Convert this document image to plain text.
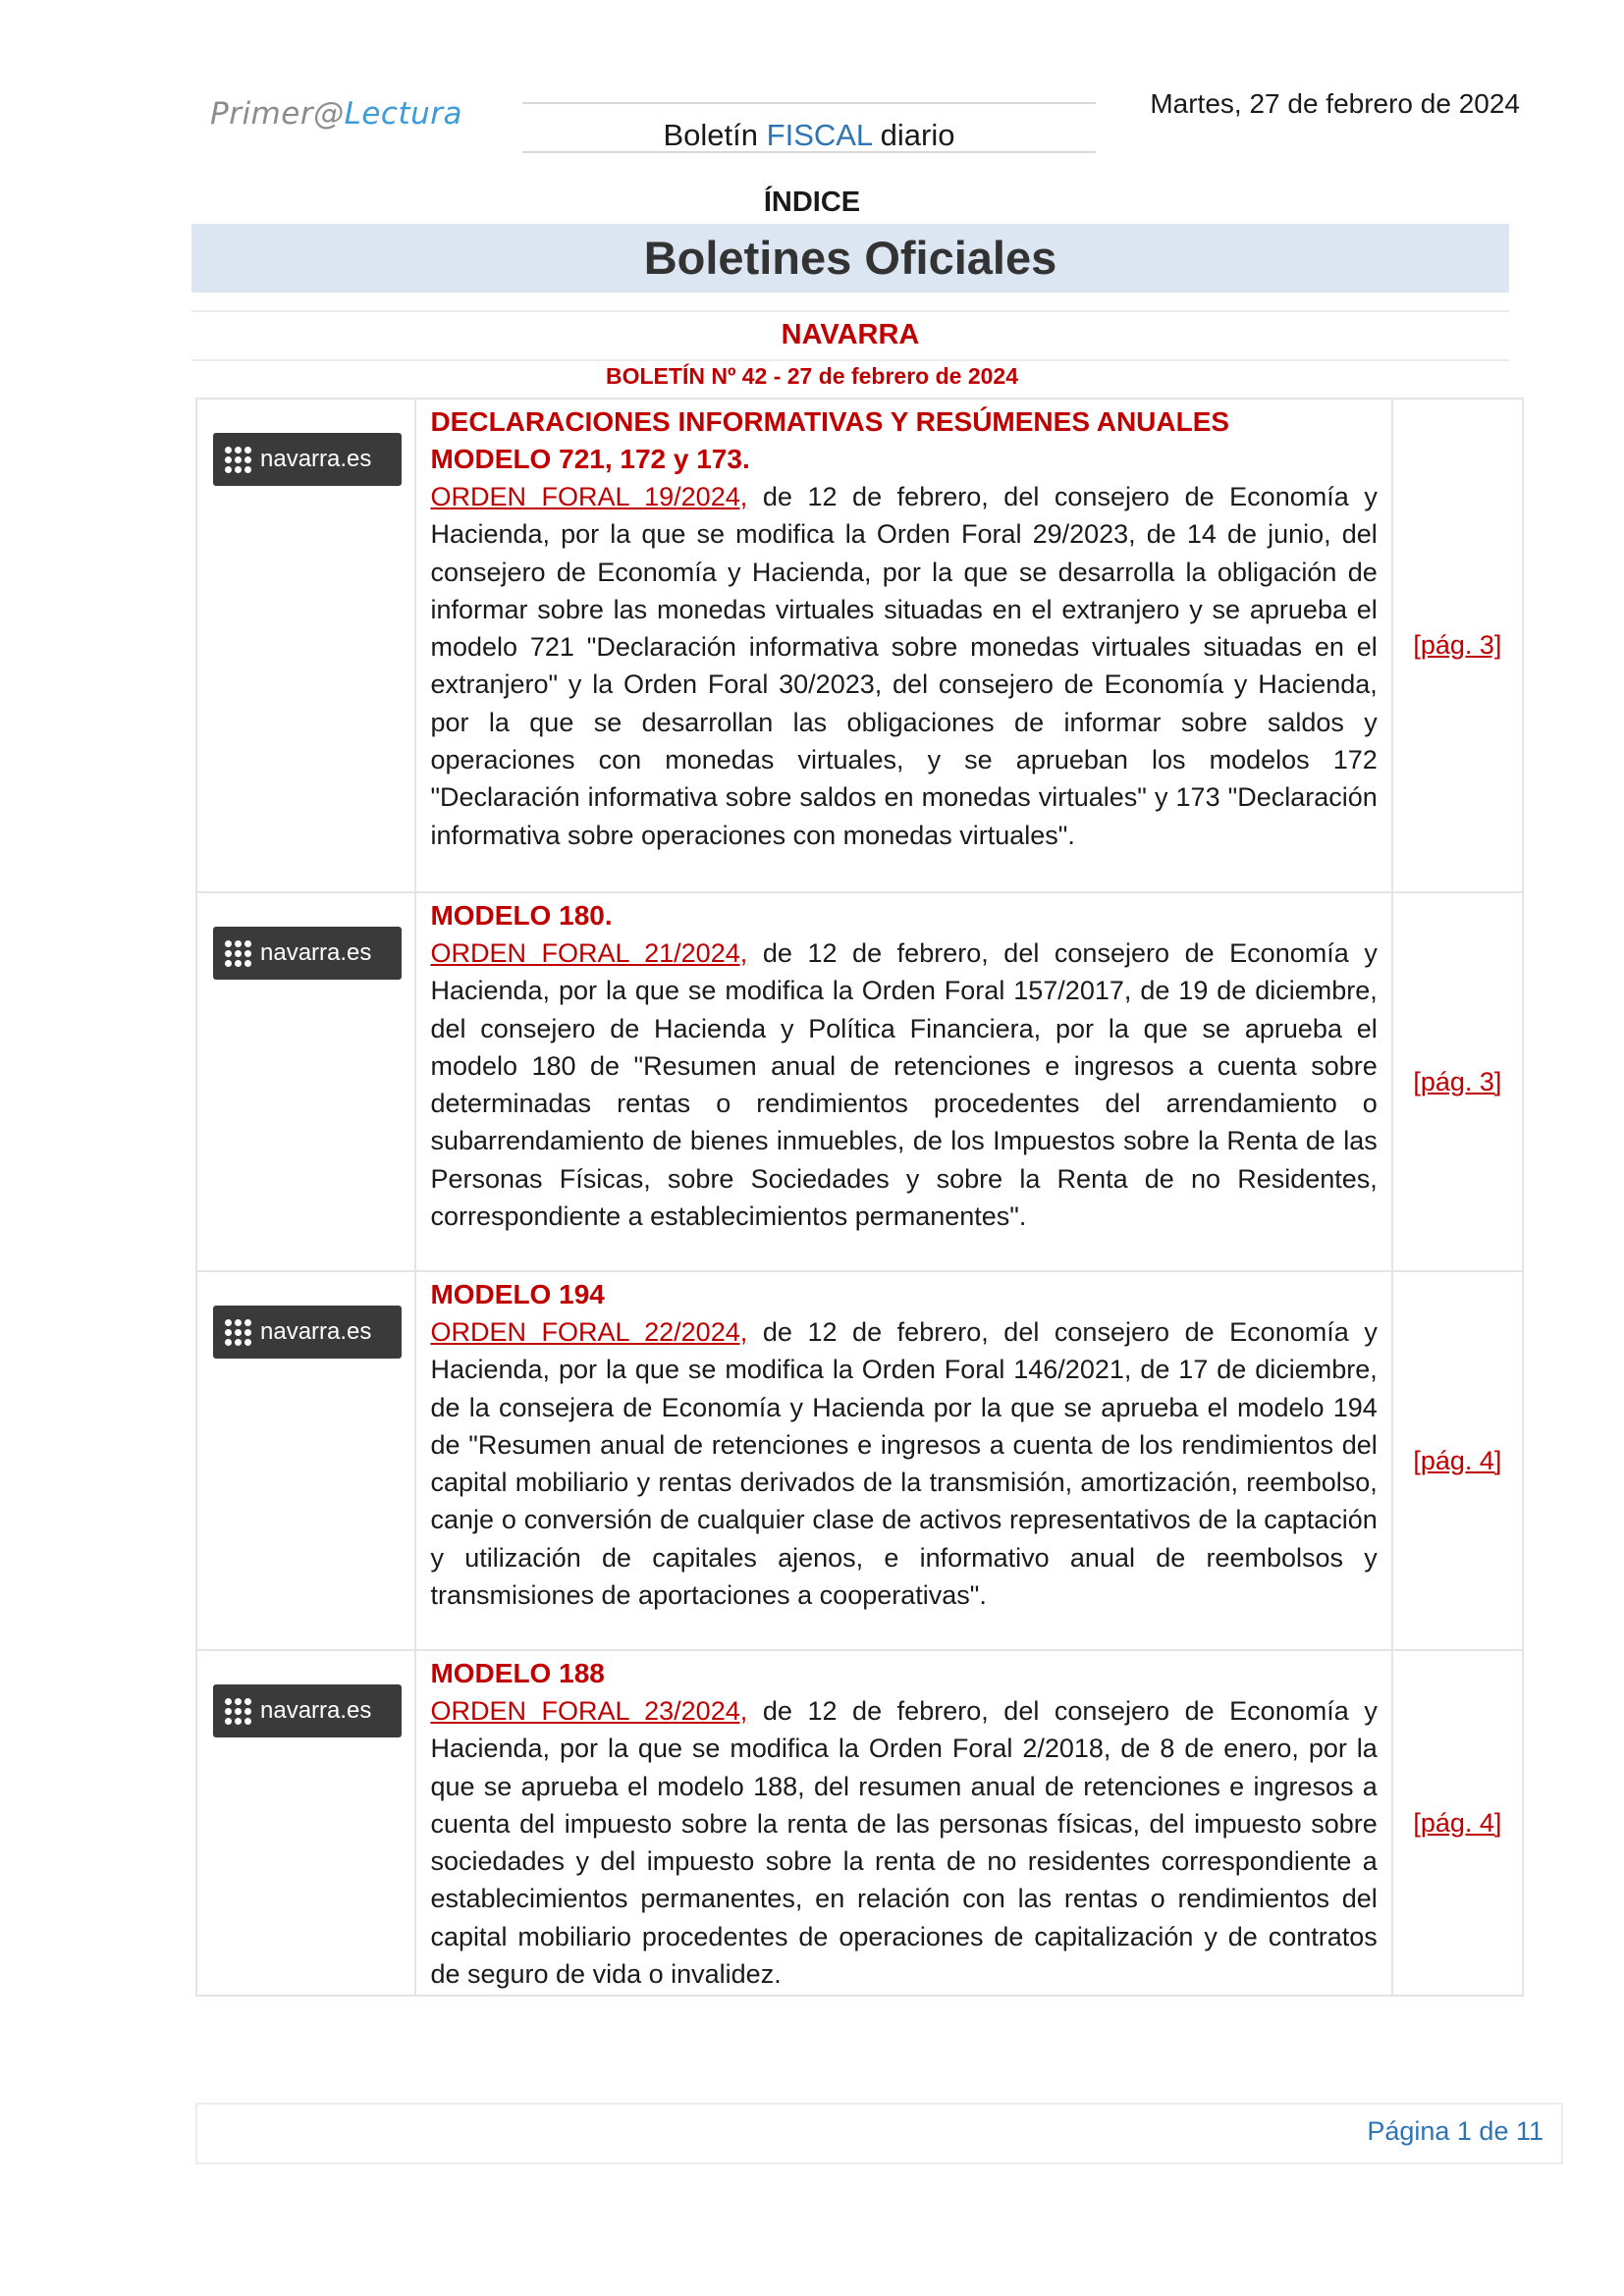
Primer@Lectura
Boletín FISCAL diario
Martes, 27 de febrero de 2024
ÍNDICE
Boletines Oficiales
NAVARRA
BOLETÍN Nº 42 - 27 de febrero de 2024
navarra.es	DECLARACIONES INFORMATIVAS Y RESÚMENES ANUALES
MODELO 721, 172 y 173.
ORDEN FORAL 19/2024, de 12 de febrero, del consejero de Economía y Hacienda, por la que se modifica la Orden Foral 29/2023, de 14 de junio, del consejero de Economía y Hacienda, por la que se desarrolla la obligación de informar sobre las monedas virtuales situadas en el extranjero y se aprueba el modelo 721 "Declaración informativa sobre monedas virtuales situadas en el extranjero" y la Orden Foral 30/2023, del consejero de Economía y Hacienda, por la que se desarrollan las obligaciones de informar sobre saldos y operaciones con monedas virtuales, y se aprueban los modelos 172 "Declaración informativa sobre saldos en monedas virtuales" y 173 "Declaración informativa sobre operaciones con monedas virtuales".	[pág. 3]

navarra.es	MODELO 180.
ORDEN FORAL 21/2024, de 12 de febrero, del consejero de Economía y Hacienda, por la que se modifica la Orden Foral 157/2017, de 19 de diciembre, del consejero de Hacienda y Política Financiera, por la que se aprueba el modelo 180 de "Resumen anual de retenciones e ingresos a cuenta sobre determinadas rentas o rendimientos procedentes del arrendamiento o subarrendamiento de bienes inmuebles, de los Impuestos sobre la Renta de las Personas Físicas, sobre Sociedades y sobre la Renta de no Residentes, correspondiente a establecimientos permanentes".	[pág. 3]

navarra.es	MODELO 194
ORDEN FORAL 22/2024, de 12 de febrero, del consejero de Economía y Hacienda, por la que se modifica la Orden Foral 146/2021, de 17 de diciembre, de la consejera de Economía y Hacienda por la que se aprueba el modelo 194 de "Resumen anual de retenciones e ingresos a cuenta de los rendimientos del capital mobiliario y rentas derivados de la transmisión, amortización, reembolso, canje o conversión de cualquier clase de activos representativos de la captación y utilización de capitales ajenos, e informativo anual de reembolsos y transmisiones de aportaciones a cooperativas".	[pág. 4]

navarra.es	MODELO 188
ORDEN FORAL 23/2024, de 12 de febrero, del consejero de Economía y Hacienda, por la que se modifica la Orden Foral 2/2018, de 8 de enero, por la que se aprueba el modelo 188, del resumen anual de retenciones e ingresos a cuenta del impuesto sobre la renta de las personas físicas, del impuesto sobre sociedades y del impuesto sobre la renta de no residentes correspondiente a establecimientos permanentes, en relación con las rentas o rendimientos del capital mobiliario procedentes de operaciones de capitalización y de contratos de seguro de vida o invalidez.	[pág. 4]
Página 1 de 11
